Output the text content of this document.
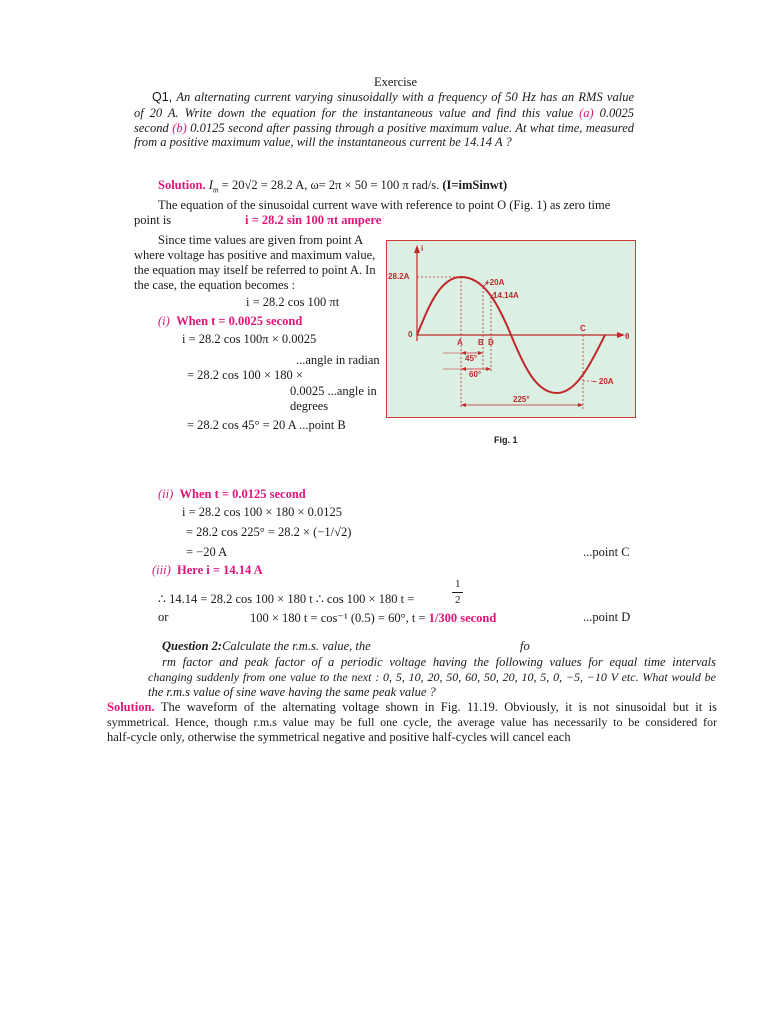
Exercise
Q1, An alternating current varying sinusoidally with a frequency of 50 Hz has an RMS value
of 20 A. Write down the equation for the instantaneous value and find this value (a) 0.0025
second (b) 0.0125 second after passing through a positive maximum value. At what time, measured
from a positive maximum value, will the instantaneous current be 14.14 A ?
Solution. $I_m = 20√2 = 28.2$ A, ω= 2π × 50 = 100 π rad/s. (I=imSinwt)
The equation of the sinusoidal current wave with reference to point O (Fig. 1) as zero time
point is	i = 28.2 sin 100 πt ampere
Since time values are given from point A
where voltage has positive and maximum value,
the equation may itself be referred to point A. In
the case, the equation becomes :
i = 28.2 cos 100 πt
(i) When t = 0.0025 second
i = 28.2 cos 100π × 0.0025
...angle in radian
= 28.2 cos 100 × 180 ×
0.0025 ...angle in
degrees
= 28.2 cos 45° = 20 A ...point B
i
28.2A
+20A
14.14A
0	θ
A B D
C
45°
60°
− 20A
225°
Fig. 1
(ii) When t = 0.0125 second
i = 28.2 cos 100 × 180 × 0.0125
= 28.2 cos 225° = 28.2 × (−1/√2)
= −20 A	...point C
(iii) Here i = 14.14 A
∴ 14.14 = 28.2 cos 100 × 180 t ∴ cos 100 × 180 t =
1
2
or	100 × 180 t = cos⁻¹ (0.5) = 60°, t = 1/300 second	...point D
Question 2:Calculate the r.m.s. value, the	fo
rm factor and peak factor of a periodic voltage having the following values for equal time intervals
changing suddenly from one value to the next : 0, 5, 10, 20, 50, 60, 50, 20, 10, 5, 0, −5, −10 V etc. What would be
the r.m.s value of sine wave having the same peak value ?
Solution. The waveform of the alternating voltage shown in Fig. 11.19. Obviously, it is not sinusoidal but it is
symmetrical. Hence, though r.m.s value may be full one cycle, the average value has necessarily to be considered for
half-cycle only, otherwise the symmetrical negative and positive half-cycles will cancel each
